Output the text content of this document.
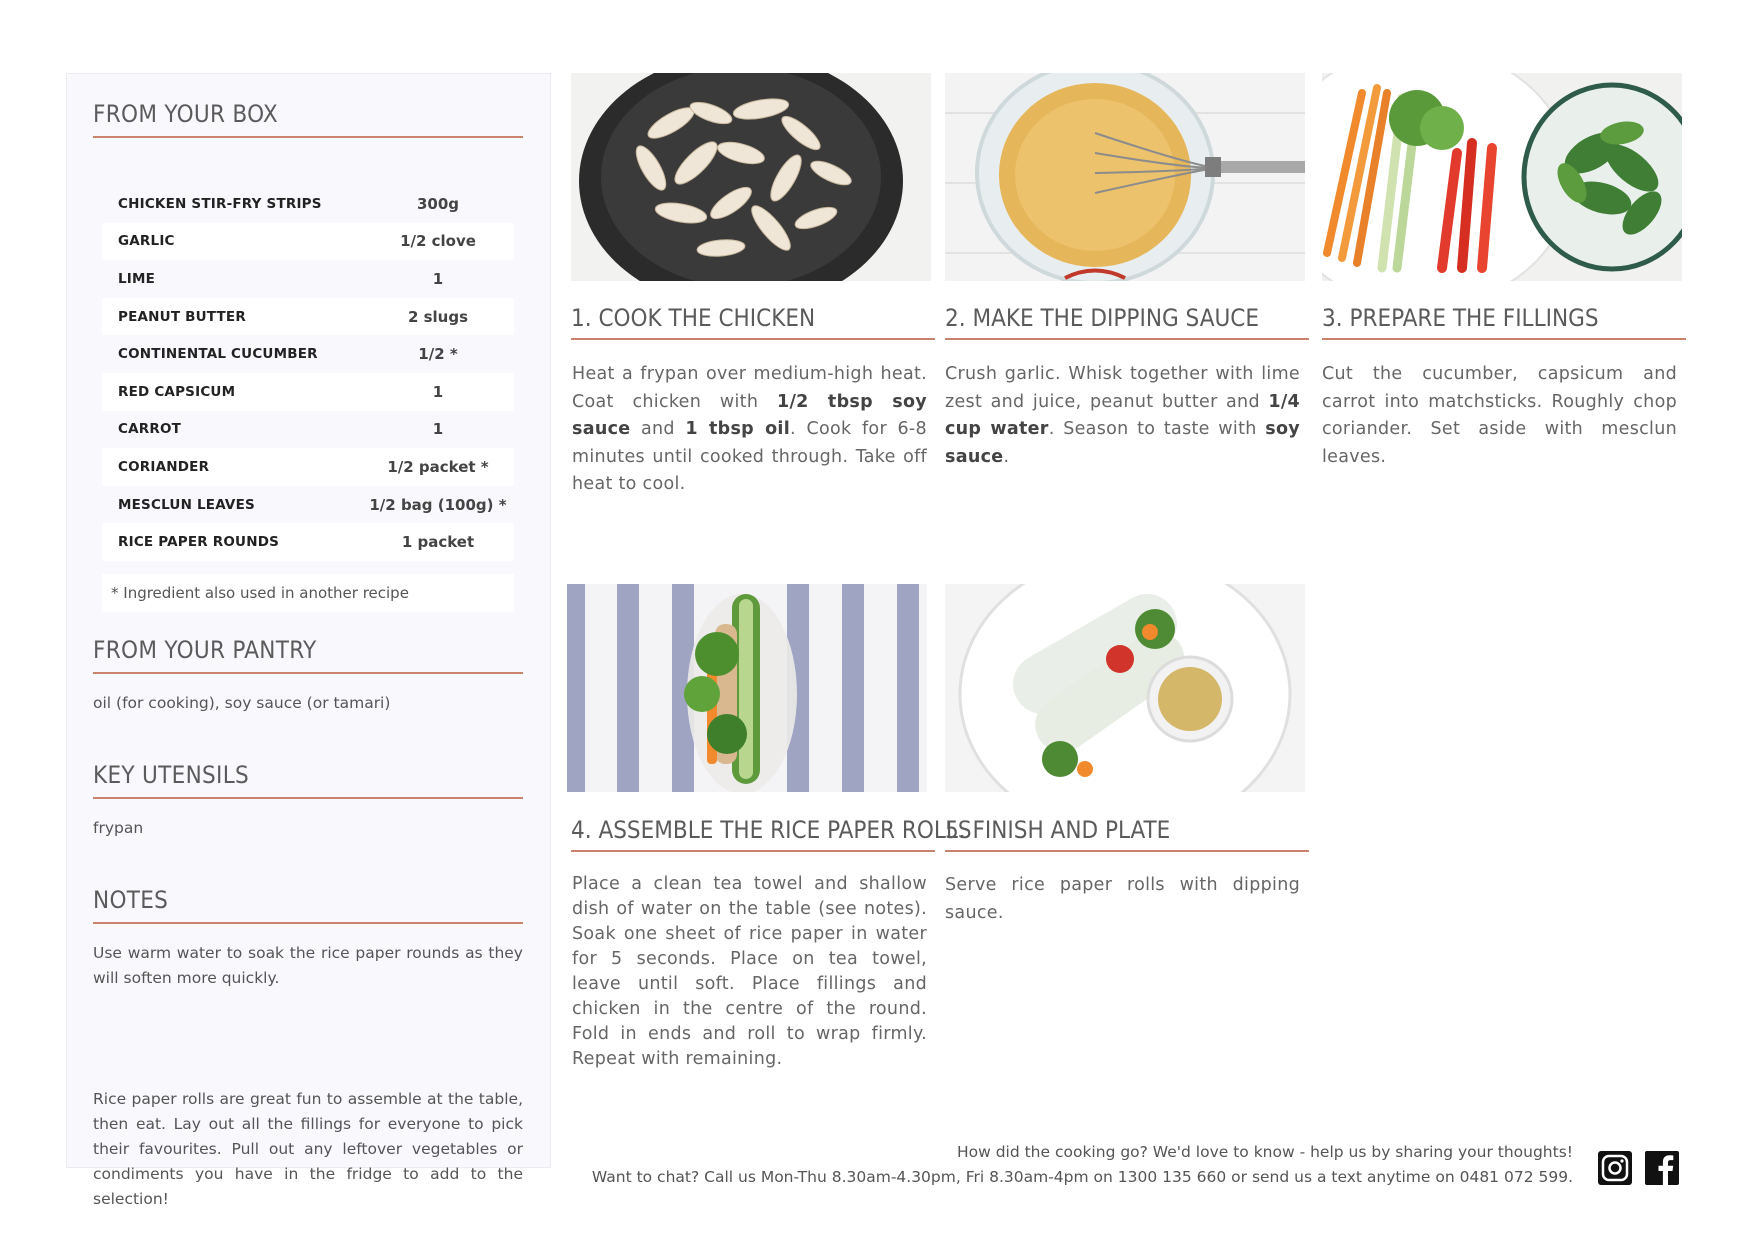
FROM YOUR BOX
CHICKEN STIR-FRY STRIPS	300g
GARLIC	1/2 clove
LIME	1
PEANUT BUTTER	2 slugs
CONTINENTAL CUCUMBER	1/2 *
RED CAPSICUM	1
CARROT	1
CORIANDER	1/2 packet *
MESCLUN LEAVES	1/2 bag (100g) *
RICE PAPER ROUNDS	1 packet
* Ingredient also used in another recipe
FROM YOUR PANTRY
oil (for cooking), soy sauce (or tamari)
KEY UTENSILS
frypan
NOTES
Use warm water to soak the rice paper rounds as they will soften more quickly.
Rice paper rolls are great fun to assemble at the table, then eat. Lay out all the fillings for everyone to pick their favourites. Pull out any leftover vegetables or condiments you have in the fridge to add to the selection!
1. COOK THE CHICKEN	2. MAKE THE DIPPING SAUCE	3. PREPARE THE FILLINGS
4. ASSEMBLE THE RICE PAPER ROLLS
5. FINISH AND PLATE
Heat a frypan over medium-high heat. Coat chicken with 1/2 tbsp soy sauce and 1 tbsp oil. Cook for 6-8 minutes until cooked through. Take off heat to cool.
Crush garlic. Whisk together with lime zest and juice, peanut butter and 1/4 cup water. Season to taste with soy sauce.
Cut the cucumber, capsicum and carrot into matchsticks. Roughly chop coriander. Set aside with mesclun leaves.
Place a clean tea towel and shallow dish of water on the table (see notes). Soak one sheet of rice paper in water for 5 seconds. Place on tea towel, leave until soft. Place fillings and chicken in the centre of the round. Fold in ends and roll to wrap firmly. Repeat with remaining.
Serve rice paper rolls with dipping sauce.
How did the cooking go? We'd love to know - help us by sharing your thoughts!
Want to chat? Call us Mon-Thu 8.30am-4.30pm, Fri 8.30am-4pm on 1300 135 660 or send us a text anytime on 0481 072 599.
